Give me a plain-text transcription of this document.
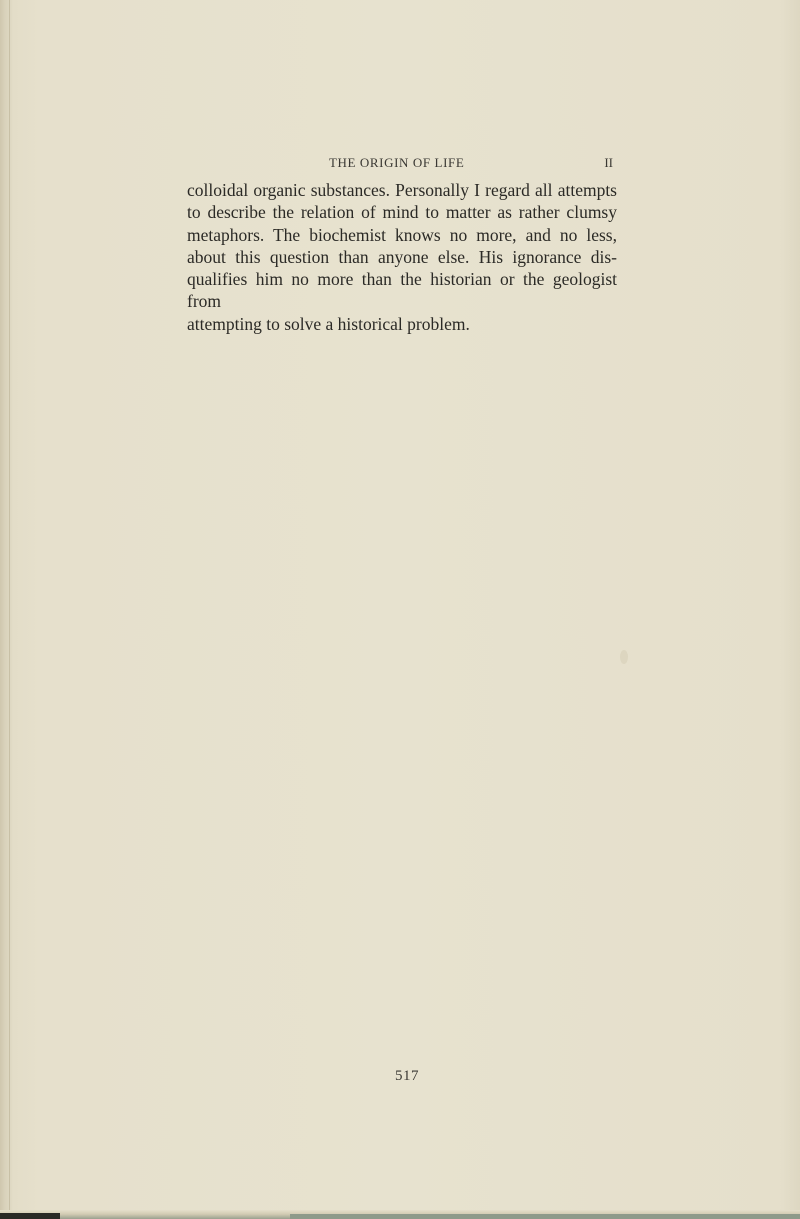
THE ORIGIN OF LIFE	II

colloidal organic substances. Personally I regard all attempts
to describe the relation of mind to matter as rather clumsy
metaphors. The biochemist knows no more, and no less,
about this question than anyone else. His ignorance dis-
qualifies him no more than the historian or the geologist from
attempting to solve a historical problem.

517
